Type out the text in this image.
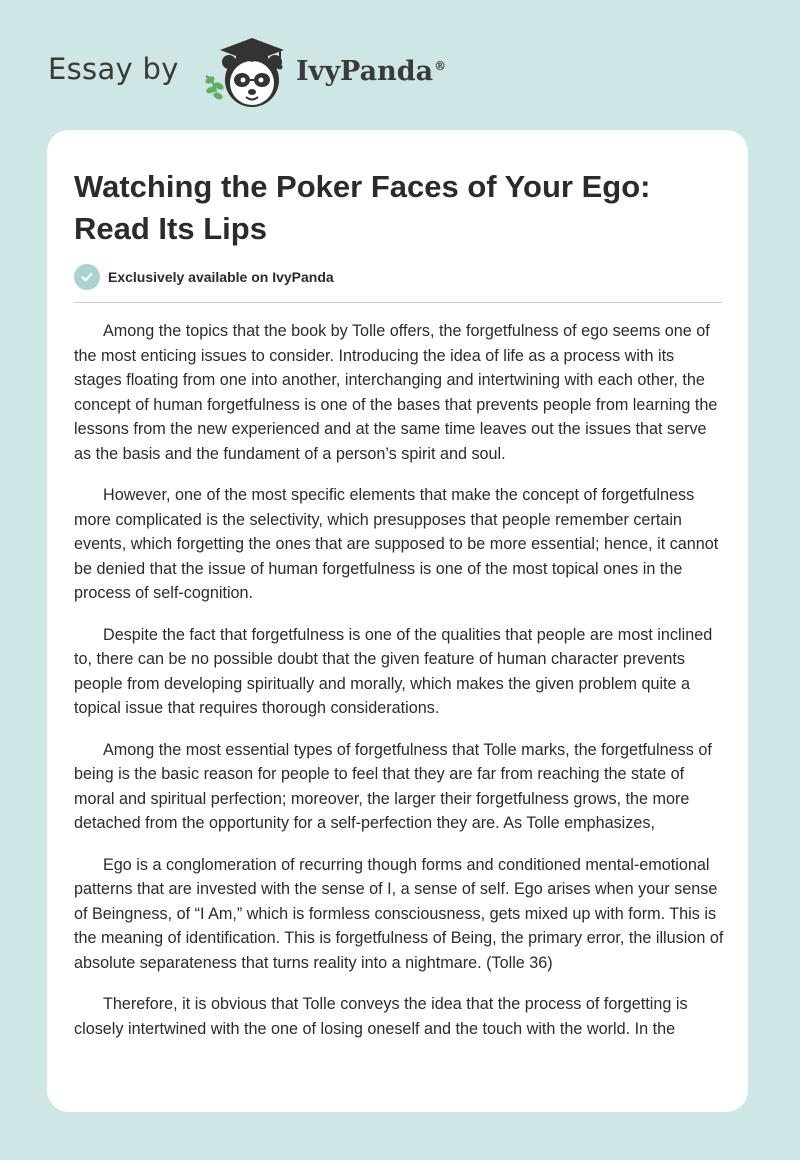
Essay by	IvyPanda®
Watching the Poker Faces of Your Ego: Read Its Lips
Exclusively available on IvyPanda

Among the topics that the book by Tolle offers, the forgetfulness of ego seems one of the most enticing issues to consider. Introducing the idea of life as a process with its stages floating from one into another, interchanging and intertwining with each other, the concept of human forgetfulness is one of the bases that prevents people from learning the lessons from the new experienced and at the same time leaves out the issues that serve as the basis and the fundament of a person’s spirit and soul.

However, one of the most specific elements that make the concept of forgetfulness more complicated is the selectivity, which presupposes that people remember certain events, which forgetting the ones that are supposed to be more essential; hence, it cannot be denied that the issue of human forgetfulness is one of the most topical ones in the process of self-cognition.

Despite the fact that forgetfulness is one of the qualities that people are most inclined to, there can be no possible doubt that the given feature of human character prevents people from developing spiritually and morally, which makes the given problem quite a topical issue that requires thorough considerations.

Among the most essential types of forgetfulness that Tolle marks, the forgetfulness of being is the basic reason for people to feel that they are far from reaching the state of moral and spiritual perfection; moreover, the larger their forgetfulness grows, the more detached from the opportunity for a self-perfection they are. As Tolle emphasizes,

Ego is a conglomeration of recurring though forms and conditioned mental-emotional patterns that are invested with the sense of I, a sense of self. Ego arises when your sense of Beingness, of “I Am,” which is formless consciousness, gets mixed up with form. This is the meaning of identification. This is forgetfulness of Being, the primary error, the illusion of absolute separateness that turns reality into a nightmare. (Tolle 36)

Therefore, it is obvious that Tolle conveys the idea that the process of forgetting is closely intertwined with the one of losing oneself and the touch with the world. In the
